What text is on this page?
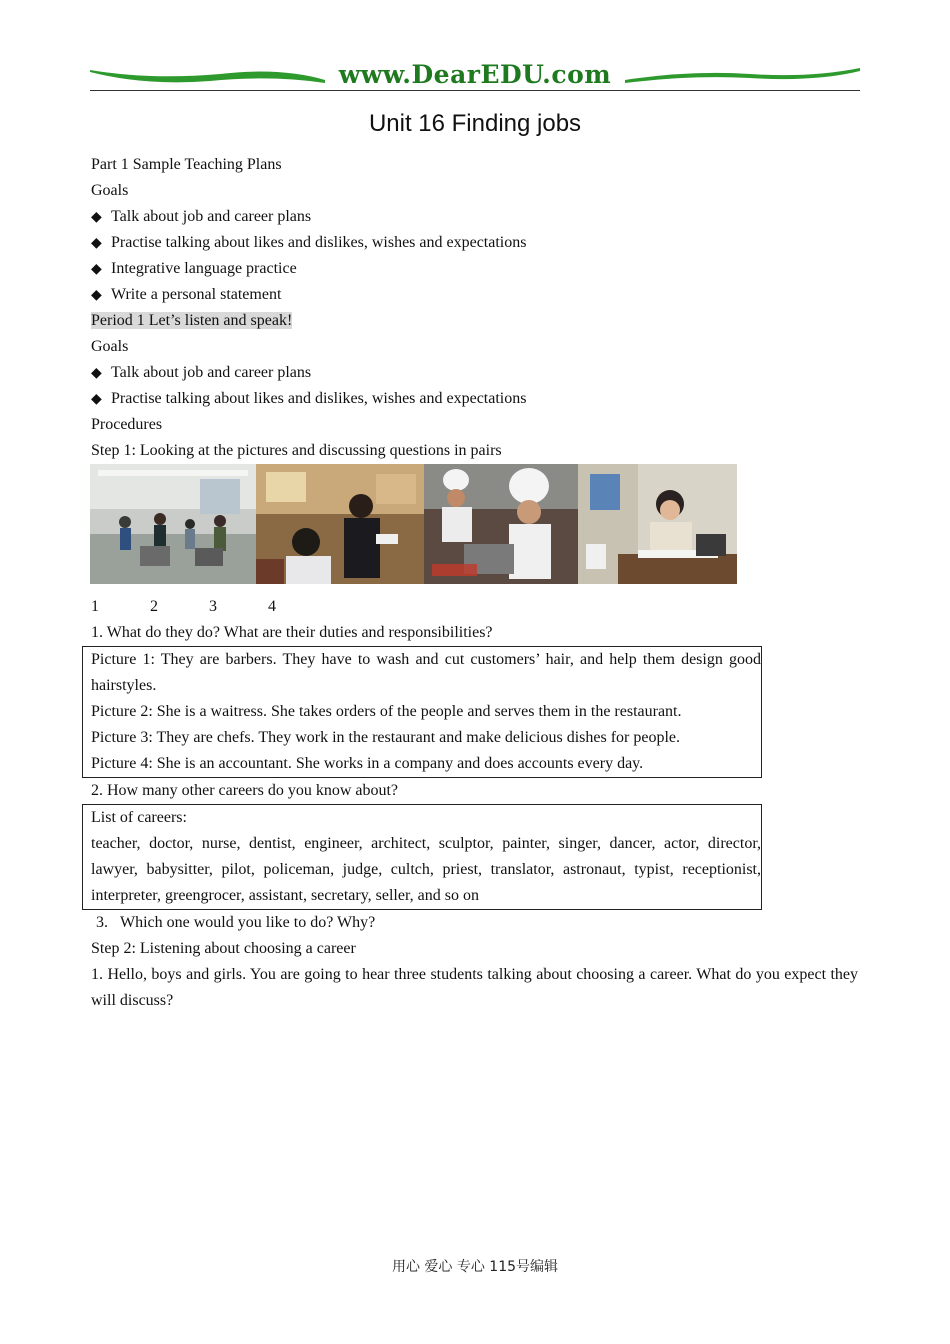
www.DearEDU.com
Unit 16 Finding jobs
Part 1 Sample Teaching Plans
Goals
◆ Talk about job and career plans
◆ Practise talking about likes and dislikes, wishes and expectations
◆ Integrative language practice
◆ Write a personal statement
Period 1 Let’s listen and speak!
Goals
◆ Talk about job and career plans
◆ Practise talking about likes and dislikes, wishes and expectations
Procedures
Step 1: Looking at the pictures and discussing questions in pairs
1	2	3	4
1. What do they do? What are their duties and responsibilities?
Picture 1: They are barbers. They have to wash and cut customers’ hair, and help them design good hairstyles.
Picture 2: She is a waitress. She takes orders of the people and serves them in the restaurant.
Picture 3: They are chefs. They work in the restaurant and make delicious dishes for people.
Picture 4: She is an accountant. She works in a company and does accounts every day.
2. How many other careers do you know about?
List of careers:
teacher, doctor, nurse, dentist, engineer, architect, sculptor, painter, singer, dancer, actor, director, lawyer, babysitter, pilot, policeman, judge, cultch, priest, translator, astronaut, typist, receptionist, interpreter, greengrocer, assistant, secretary, seller, and so on
3.   Which one would you like to do? Why?
Step 2: Listening about choosing a career
1. Hello, boys and girls. You are going to hear three students talking about choosing a career. What do you expect they will discuss?
用心 爱心 专心 115号编辑
